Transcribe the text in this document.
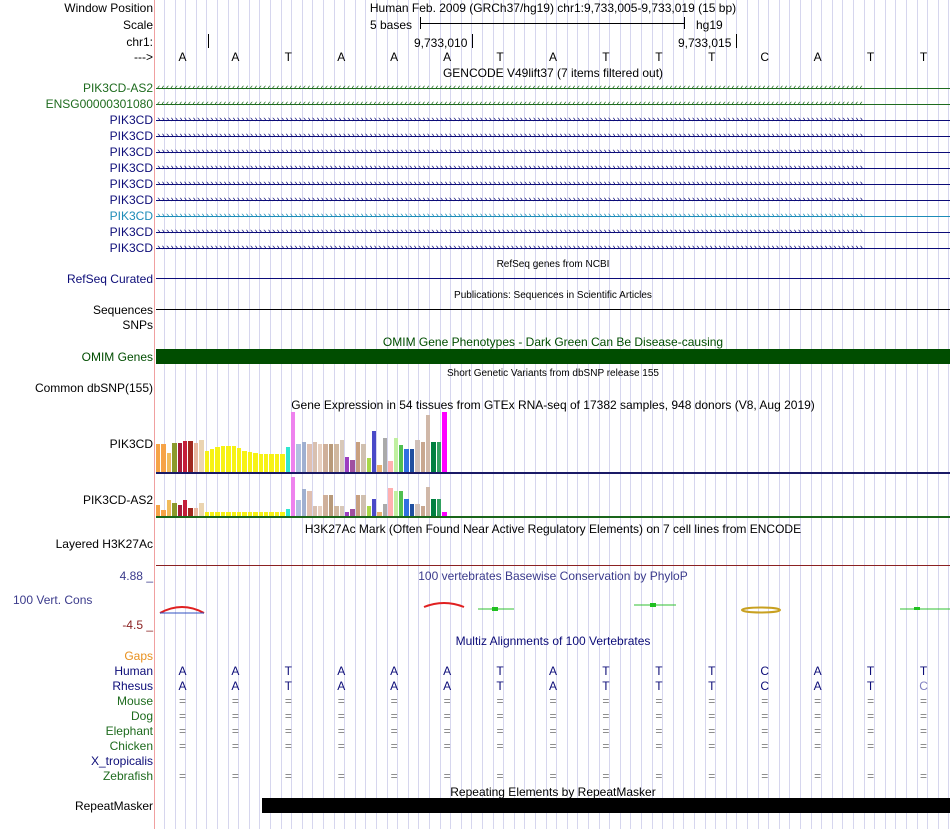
Window Position
Scale
chr1:
--->
Human Feb. 2009 (GRCh37/hg19) chr1:9,733,005-9,733,019 (15 bp)
5 bases	hg19
9,733,010	9,733,015
A	A	T	A	A	A	T	A	T	T	T	C	A	T	T
GENCODE V49lift37 (7 items filtered out)
PIK3CD-AS2 ‹‹‹‹‹‹‹‹‹‹‹‹‹‹‹‹‹‹‹‹‹‹‹‹‹‹‹‹‹‹‹‹‹‹‹‹‹‹‹‹‹‹‹‹‹‹‹‹‹‹‹‹‹‹‹‹‹‹‹‹‹‹‹‹‹‹‹‹‹‹‹‹‹‹‹‹‹‹‹‹‹‹‹‹‹‹‹‹‹‹‹‹‹‹‹‹‹‹‹‹‹‹‹‹‹‹‹‹‹‹‹‹‹‹‹‹‹‹‹‹‹‹‹‹‹‹‹‹‹‹‹‹‹‹‹‹‹‹‹‹‹‹‹‹‹‹‹‹‹‹‹‹‹‹‹‹‹‹‹‹
ENSG00000301080 ‹‹‹‹‹‹‹‹‹‹‹‹‹‹‹‹‹‹‹‹‹‹‹‹‹‹‹‹‹‹‹‹‹‹‹‹‹‹‹‹‹‹‹‹‹‹‹‹‹‹‹‹‹‹‹‹‹‹‹‹‹‹‹‹‹‹‹‹‹‹‹‹‹‹‹‹‹‹‹‹‹‹‹‹‹‹‹‹‹‹‹‹‹‹‹‹‹‹‹‹‹‹‹‹‹‹‹‹‹‹‹‹‹‹‹‹‹‹‹‹‹‹‹‹‹‹‹‹‹‹‹‹‹‹‹‹‹‹‹‹‹‹‹‹‹‹‹‹‹‹‹‹‹‹‹‹‹‹‹‹
PIK3CD ››››››››››››››››››››››››››››››››››››››››››››››››››››››››››››››››››››››››››››››››››››››››››››››››››››››››››››››››››››››››››››››››››››››››››››››››››››››››››››››››
PIK3CD ››››››››››››››››››››››››››››››››››››››››››››››››››››››››››››››››››››››››››››››››››››››››››››››››››››››››››››››››››››››››››››››››››››››››››››››››››››››››››››››››
PIK3CD ››››››››››››››››››››››››››››››››››››››››››››››››››››››››››››››››››››››››››››››››››››››››››››››››››››››››››››››››››››››››››››››››››››››››››››››››››››››››››››››››
PIK3CD ››››››››››››››››››››››››››››››››››››››››››››››››››››››››››››››››››››››››››››››››››››››››››››››››››››››››››››››››››››››››››››››››››››››››››››››››››››››››››››››››
PIK3CD ››››››››››››››››››››››››››››››››››››››››››››››››››››››››››››››››››››››››››››››››››››››››››››››››››››››››››››››››››››››››››››››››››››››››››››››››››››››››››››››››
PIK3CD ››››››››››››››››››››››››››››››››››››››››››››››››››››››››››››››››››››››››››››››››››››››››››››››››››››››››››››››››››››››››››››››››››››››››››››››››››››››››››››››››
PIK3CD ››››››››››››››››››››››››››››››››››››››››››››››››››››››››››››››››››››››››››››››››››››››››››››››››››››››››››››››››››››››››››››››››››››››››››››››››››››››››››››››››
PIK3CD ››››››››››››››››››››››››››››››››››››››››››››››››››››››››››››››››››››››››››››››››››››››››››››››››››››››››››››››››››››››››››››››››››››››››››››››››››››››››››››››››
PIK3CD ››››››››››››››››››››››››››››››››››››››››››››››››››››››››››››››››››››››››››››››››››››››››››››››››››››››››››››››››››››››››››››››››››››››››››››››››››››››››››››››››
RefSeq genes from NCBI
RefSeq Curated
Publications: Sequences in Scientific Articles
Sequences
SNPs
OMIM Gene Phenotypes - Dark Green Can Be Disease-causing
OMIM Genes
Short Genetic Variants from dbSNP release 155
Common dbSNP(155)
Gene Expression in 54 tissues from GTEx RNA-seq of 17382 samples, 948 donors (V8, Aug 2019)
PIK3CD
PIK3CD-AS2
H3K27Ac Mark (Often Found Near Active Regulatory Elements) on 7 cell lines from ENCODE
Layered H3K27Ac
4.88 _	100 vertebrates Basewise Conservation by PhyloP
100 Vert. Cons
-4.5 _
Multiz Alignments of 100 Vertebrates
Gaps
Human	A	A	T	A	A	A	T	A	T	T	T	C	A	T	T
Rhesus	A	A	T	A	A	A	T	A	T	T	T	C	A	T	C
Mouse	=	=	=	=	=	=	=	=	=	=	=	=	=	=	=
Dog	=	=	=	=	=	=	=	=	=	=	=	=	=	=	=
Elephant	=	=	=	=	=	=	=	=	=	=	=	=	=	=	=
Chicken	=	=	=	=	=	=	=	=	=	=	=	=	=	=	=
X_tropicalis
Zebrafish	=	=	=	=	=	=	=	=	=	=	=	=	=	=	=
RepeatMasker
Repeating Elements by RepeatMasker
